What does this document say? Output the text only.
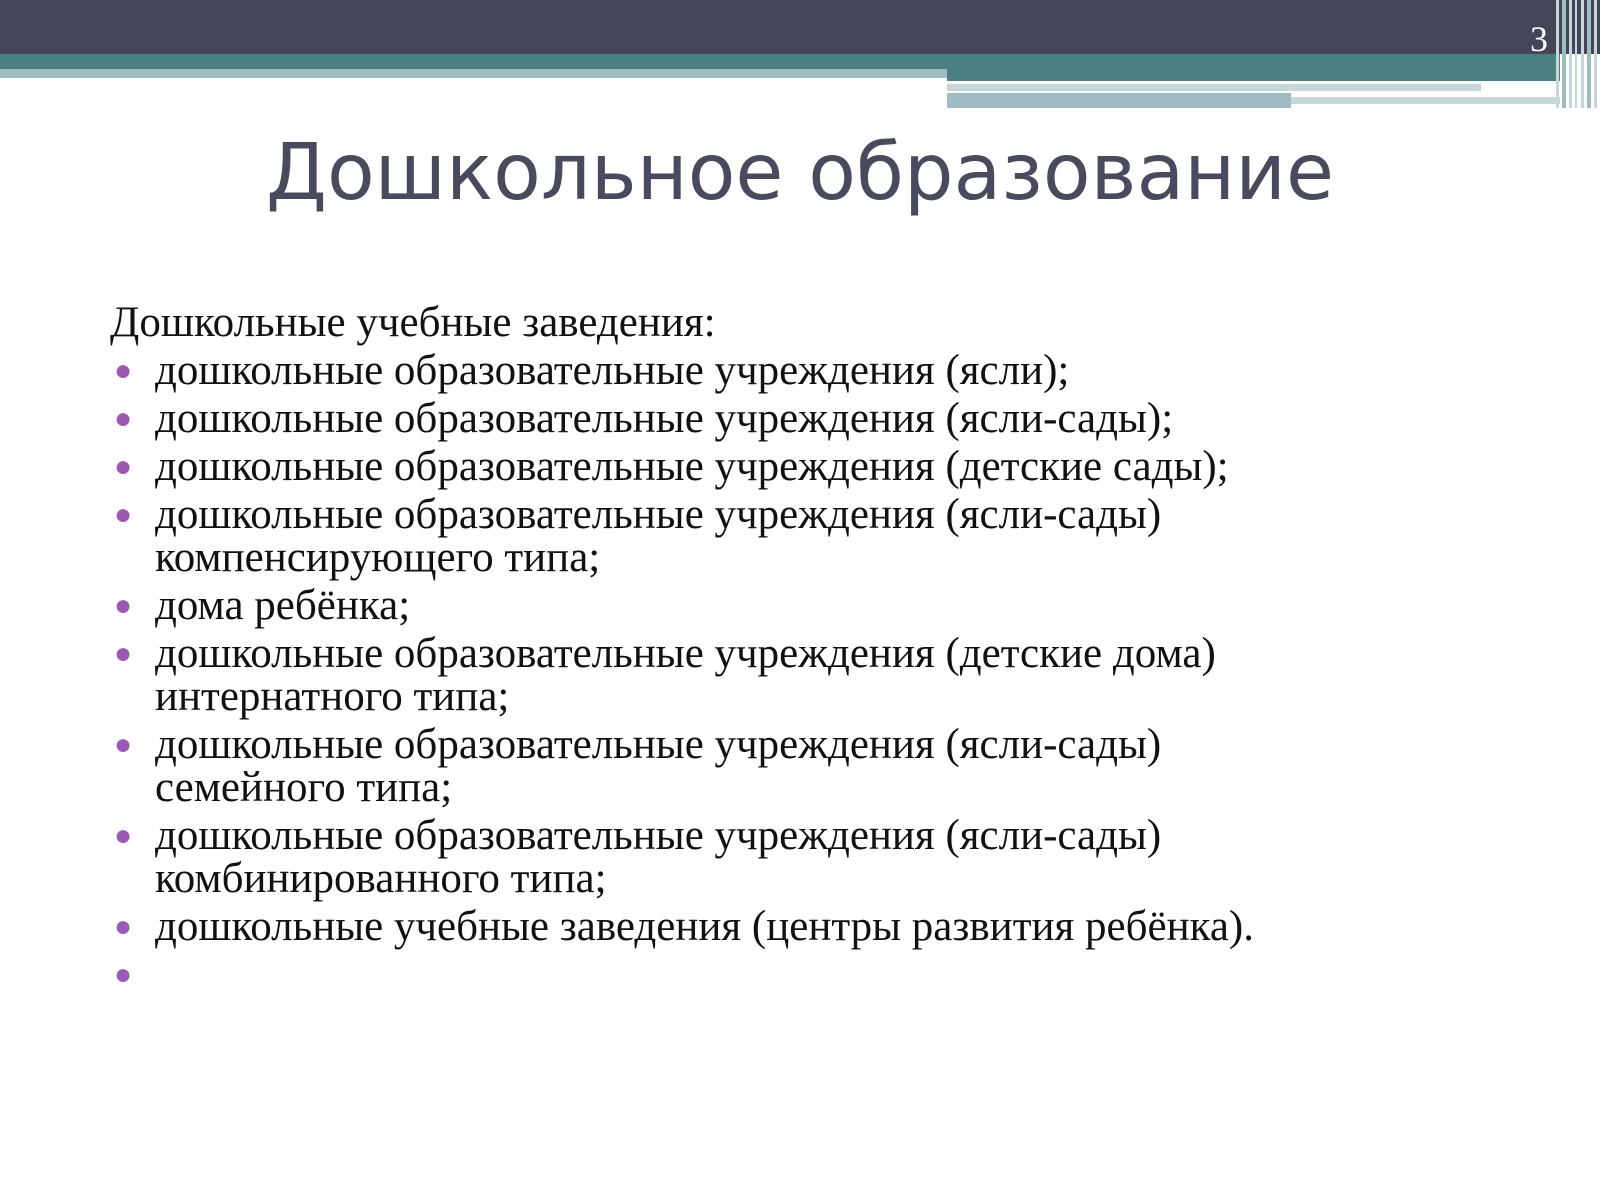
3
Дошкольное образование
Дошкольные учебные заведения:
● дошкольные образовательные учреждения (ясли);
● дошкольные образовательные учреждения (ясли-сады);
● дошкольные образовательные учреждения (детские сады);
● дошкольные образовательные учреждения (ясли-сады)
компенсирующего типа;
● дома ребёнка;
● дошкольные образовательные учреждения (детские дома)
интернатного типа;
● дошкольные образовательные учреждения (ясли-сады)
семейного типа;
● дошкольные образовательные учреждения (ясли-сады)
комбинированного типа;
● дошкольные учебные заведения (центры развития ребёнка).
●
